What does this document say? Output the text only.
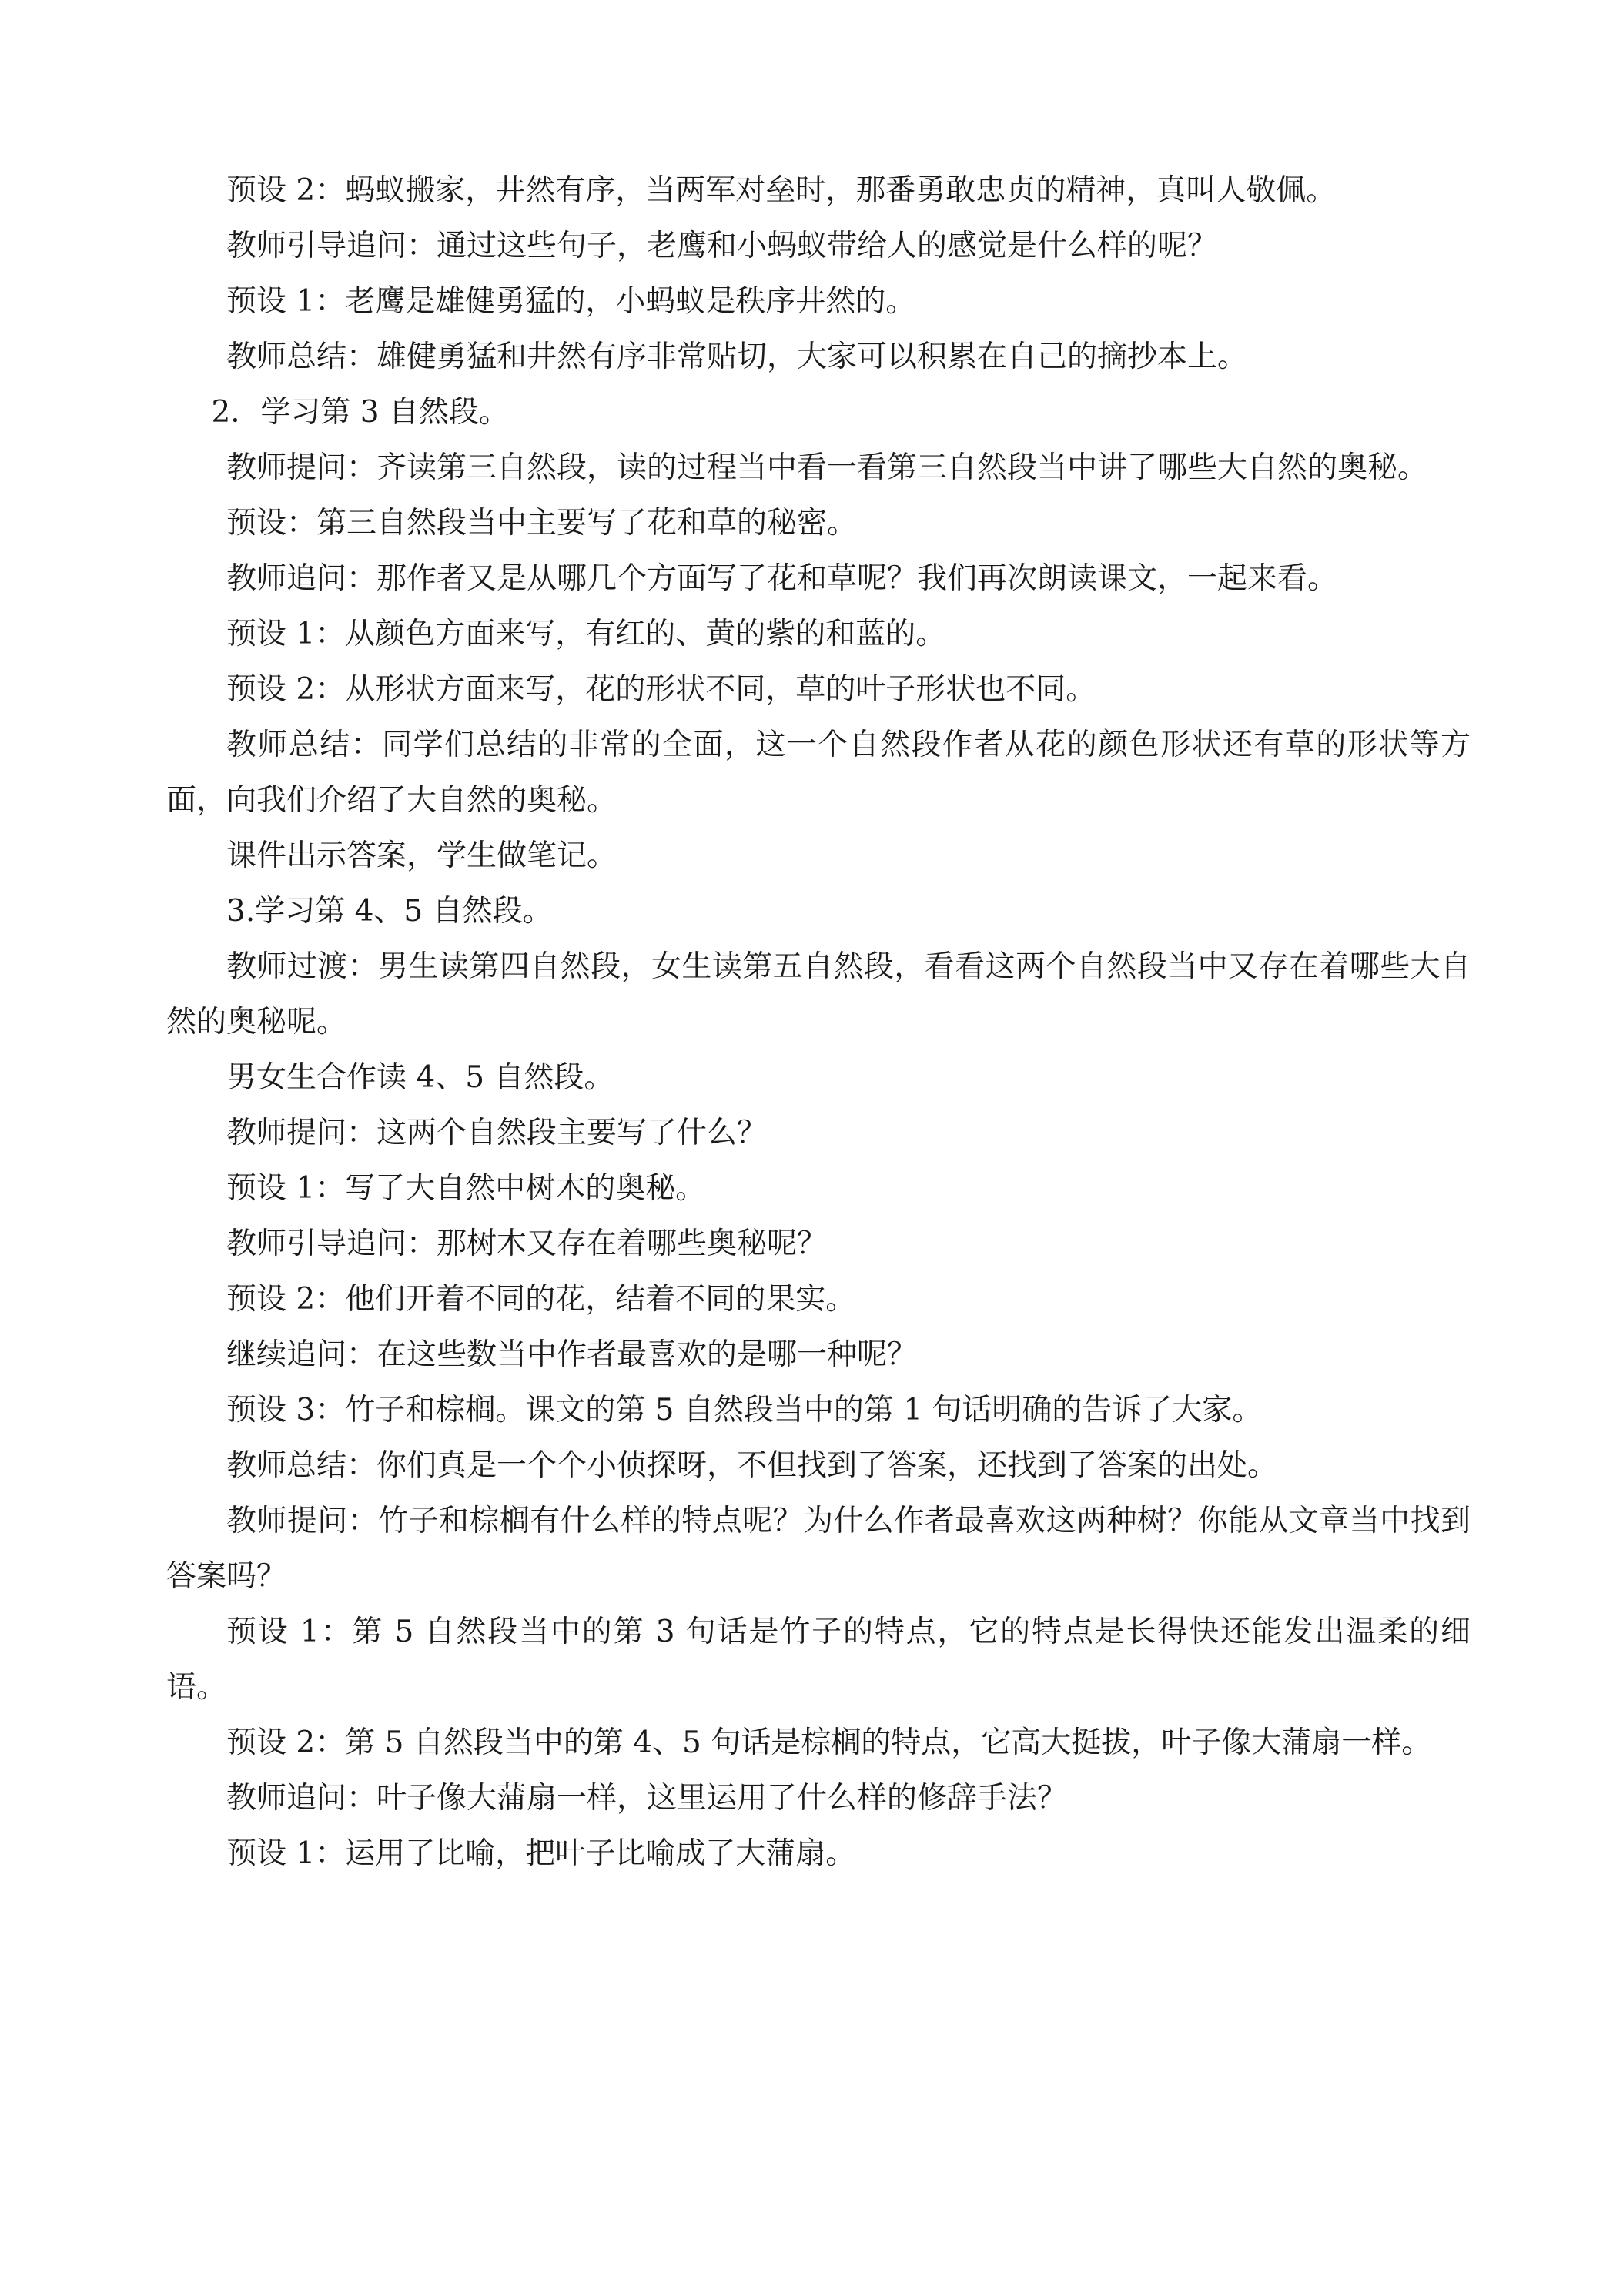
预设 2：蚂蚁搬家，井然有序，当两军对垒时，那番勇敢忠贞的精神，真叫人敬佩。

教师引导追问：通过这些句子，老鹰和小蚂蚁带给人的感觉是什么样的呢？

预设 1：老鹰是雄健勇猛的，小蚂蚁是秩序井然的。

教师总结：雄健勇猛和井然有序非常贴切，大家可以积累在自己的摘抄本上。

2．学习第 3 自然段。

教师提问：齐读第三自然段，读的过程当中看一看第三自然段当中讲了哪些大自然的奥秘。

预设：第三自然段当中主要写了花和草的秘密。

教师追问：那作者又是从哪几个方面写了花和草呢？我们再次朗读课文，一起来看。

预设 1：从颜色方面来写，有红的、黄的紫的和蓝的。

预设 2：从形状方面来写，花的形状不同，草的叶子形状也不同。

教师总结：同学们总结的非常的全面，这一个自然段作者从花的颜色形状还有草的形状等方面，向我们介绍了大自然的奥秘。

课件出示答案，学生做笔记。

3.学习第 4、5 自然段。

教师过渡：男生读第四自然段，女生读第五自然段，看看这两个自然段当中又存在着哪些大自然的奥秘呢。

男女生合作读 4、5 自然段。

教师提问：这两个自然段主要写了什么？

预设 1：写了大自然中树木的奥秘。

教师引导追问：那树木又存在着哪些奥秘呢？

预设 2：他们开着不同的花，结着不同的果实。

继续追问：在这些数当中作者最喜欢的是哪一种呢？

预设 3：竹子和棕榈。课文的第 5 自然段当中的第 1 句话明确的告诉了大家。

教师总结：你们真是一个个小侦探呀，不但找到了答案，还找到了答案的出处。

教师提问：竹子和棕榈有什么样的特点呢？为什么作者最喜欢这两种树？你能从文章当中找到答案吗？

预设 1：第 5 自然段当中的第 3 句话是竹子的特点，它的特点是长得快还能发出温柔的细语。

预设 2：第 5 自然段当中的第 4、5 句话是棕榈的特点，它高大挺拔，叶子像大蒲扇一样。

教师追问：叶子像大蒲扇一样，这里运用了什么样的修辞手法？

预设 1：运用了比喻，把叶子比喻成了大蒲扇。
